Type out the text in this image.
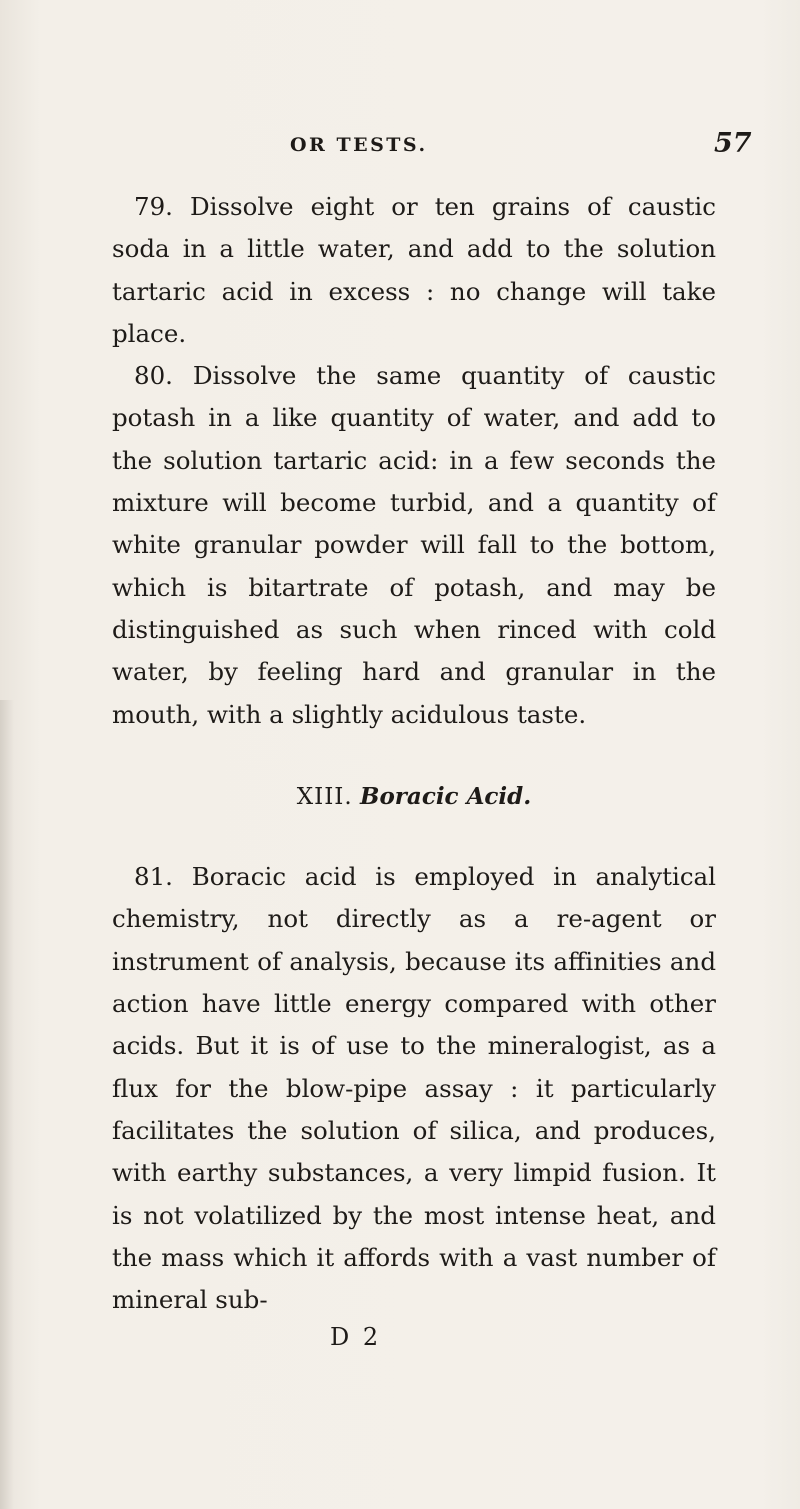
OR TESTS.	57

79. Dissolve eight or ten grains of caustic soda in a little water, and add to the solution tartaric acid in excess : no change will take place.

80. Dissolve the same quantity of caustic potash in a like quantity of water, and add to the solution tartaric acid: in a few seconds the mixture will become turbid, and a quantity of white granular powder will fall to the bottom, which is bitartrate of potash, and may be distinguished as such when rinced with cold water, by feeling hard and granular in the mouth, with a slightly acidulous taste.

XIII. Boracic Acid.

81. Boracic acid is employed in analytical chemistry, not directly as a re-agent or instrument of analysis, because its affinities and action have little energy compared with other acids. But it is of use to the mineralogist, as a flux for the blow-pipe assay : it particularly facilitates the solution of silica, and produces, with earthy substances, a very limpid fusion. It is not volatilized by the most intense heat, and the mass which it affords with a vast number of mineral sub-

D 2
